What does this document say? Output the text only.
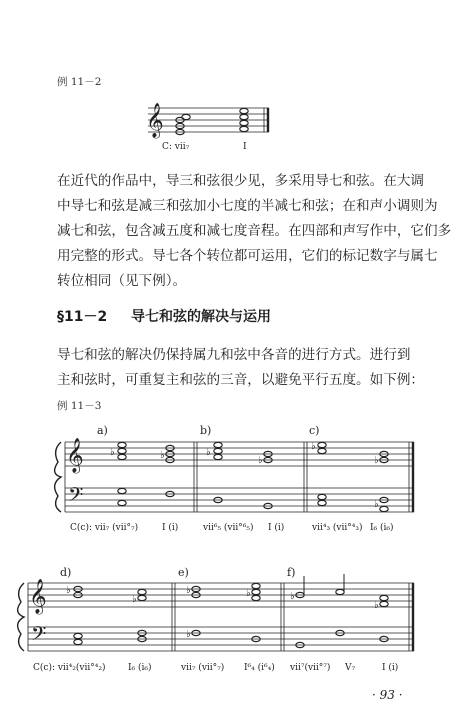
例 11－2
𝄞
C: vii₇	I

在近代的作品中，导三和弦很少见，多采用导七和弦。在大调
中导七和弦是减三和弦加小七度的半减七和弦；在和声小调则为
减七和弦，包含减五度和减七度音程。在四部和声写作中，它们多
用完整的形式。导七各个转位都可运用，它们的标记数字与属七
转位相同（见下例）。

§11－2 导七和弦的解决与运用

导七和弦的解决仍保持属九和弦中各音的进行方式。进行到
主和弦时，可重复主和弦的三音，以避免平行五度。如下例：

例 11－3
a)	b)	c)
𝄞
𝄢
♭	♭	♭
♭
♭
♭
♭
C(c): vii₇ (vii°₇)	I (i)	vii⁶₅ (vii°⁶₅) I (i)	vii⁴₃ (vii°⁴₃) I₆ (i₆)
d)	e)	f)
𝄞
𝄢
♭
♭
♭	♭	♭
♭
♭
C(c): vii⁴₂(vii°⁴₂)	I₆ (i₆)	vii₇ (vii°₇) I⁶₄ (i⁶₄) vii⁷(vii°⁷) V₇	I (i)
· 93 ·
